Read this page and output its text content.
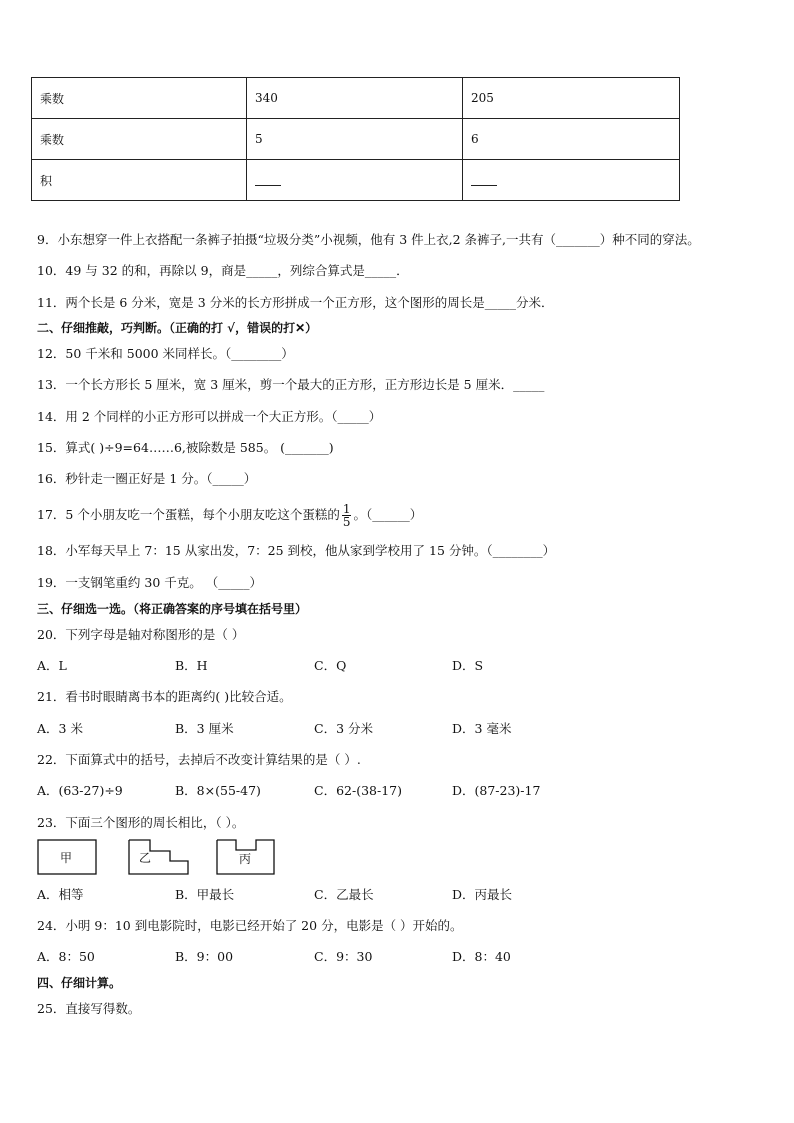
乘数	340	205
乘数	5	6
积		
9．小东想穿一件上衣搭配一条裤子拍摄“垃圾分类”小视频，他有 3 件上衣,2 条裤子,一共有（_______）种不同的穿法。
10．49 与 32 的和，再除以 9，商是_____，列综合算式是_____．
11．两个长是 6 分米，宽是 3 分米的长方形拼成一个正方形，这个图形的周长是_____分米．
二、仔细推敲，巧判断。（正确的打 √，错误的打✕）
12．50 千米和 5000 米同样长。（________）
13．一个长方形长 5 厘米，宽 3 厘米，剪一个最大的正方形，正方形边长是 5 厘米．_____
14．用 2 个同样的小正方形可以拼成一个大正方形。（_____）
15．算式( )÷9=64……6,被除数是 585。 (_______)
16．秒针走一圈正好是 1 分。（_____）
17．5 个小朋友吃一个蛋糕，每个小朋友吃这个蛋糕的 $\frac{1}{5}$ 。（______）
18．小军每天早上 7：15 从家出发，7：25 到校，他从家到学校用了 15 分钟。（________）
19．一支钢笔重约 30 千克。 （_____）
三、仔细选一选。（将正确答案的序号填在括号里）
20．下列字母是轴对称图形的是（ ）
A．L	B．H	C．Q	D．S
21．看书时眼睛离书本的距离约( )比较合适。
A．3 米	B．3 厘米	C．3 分米	D．3 毫米
22．下面算式中的括号，去掉后不改变计算结果的是（ ）.
A．(63-27)÷9	B．8×(55-47)	C．62-(38-17)	D．(87-23)-17
23．下面三个图形的周长相比，（ ）。
甲	乙	丙
A．相等	B．甲最长	C．乙最长	D．丙最长
24．小明 9：10 到电影院时，电影已经开始了 20 分，电影是（ ）开始的。
A．8：50	B．9：00	C．9：30	D．8：40
四、仔细计算。
25．直接写得数。
